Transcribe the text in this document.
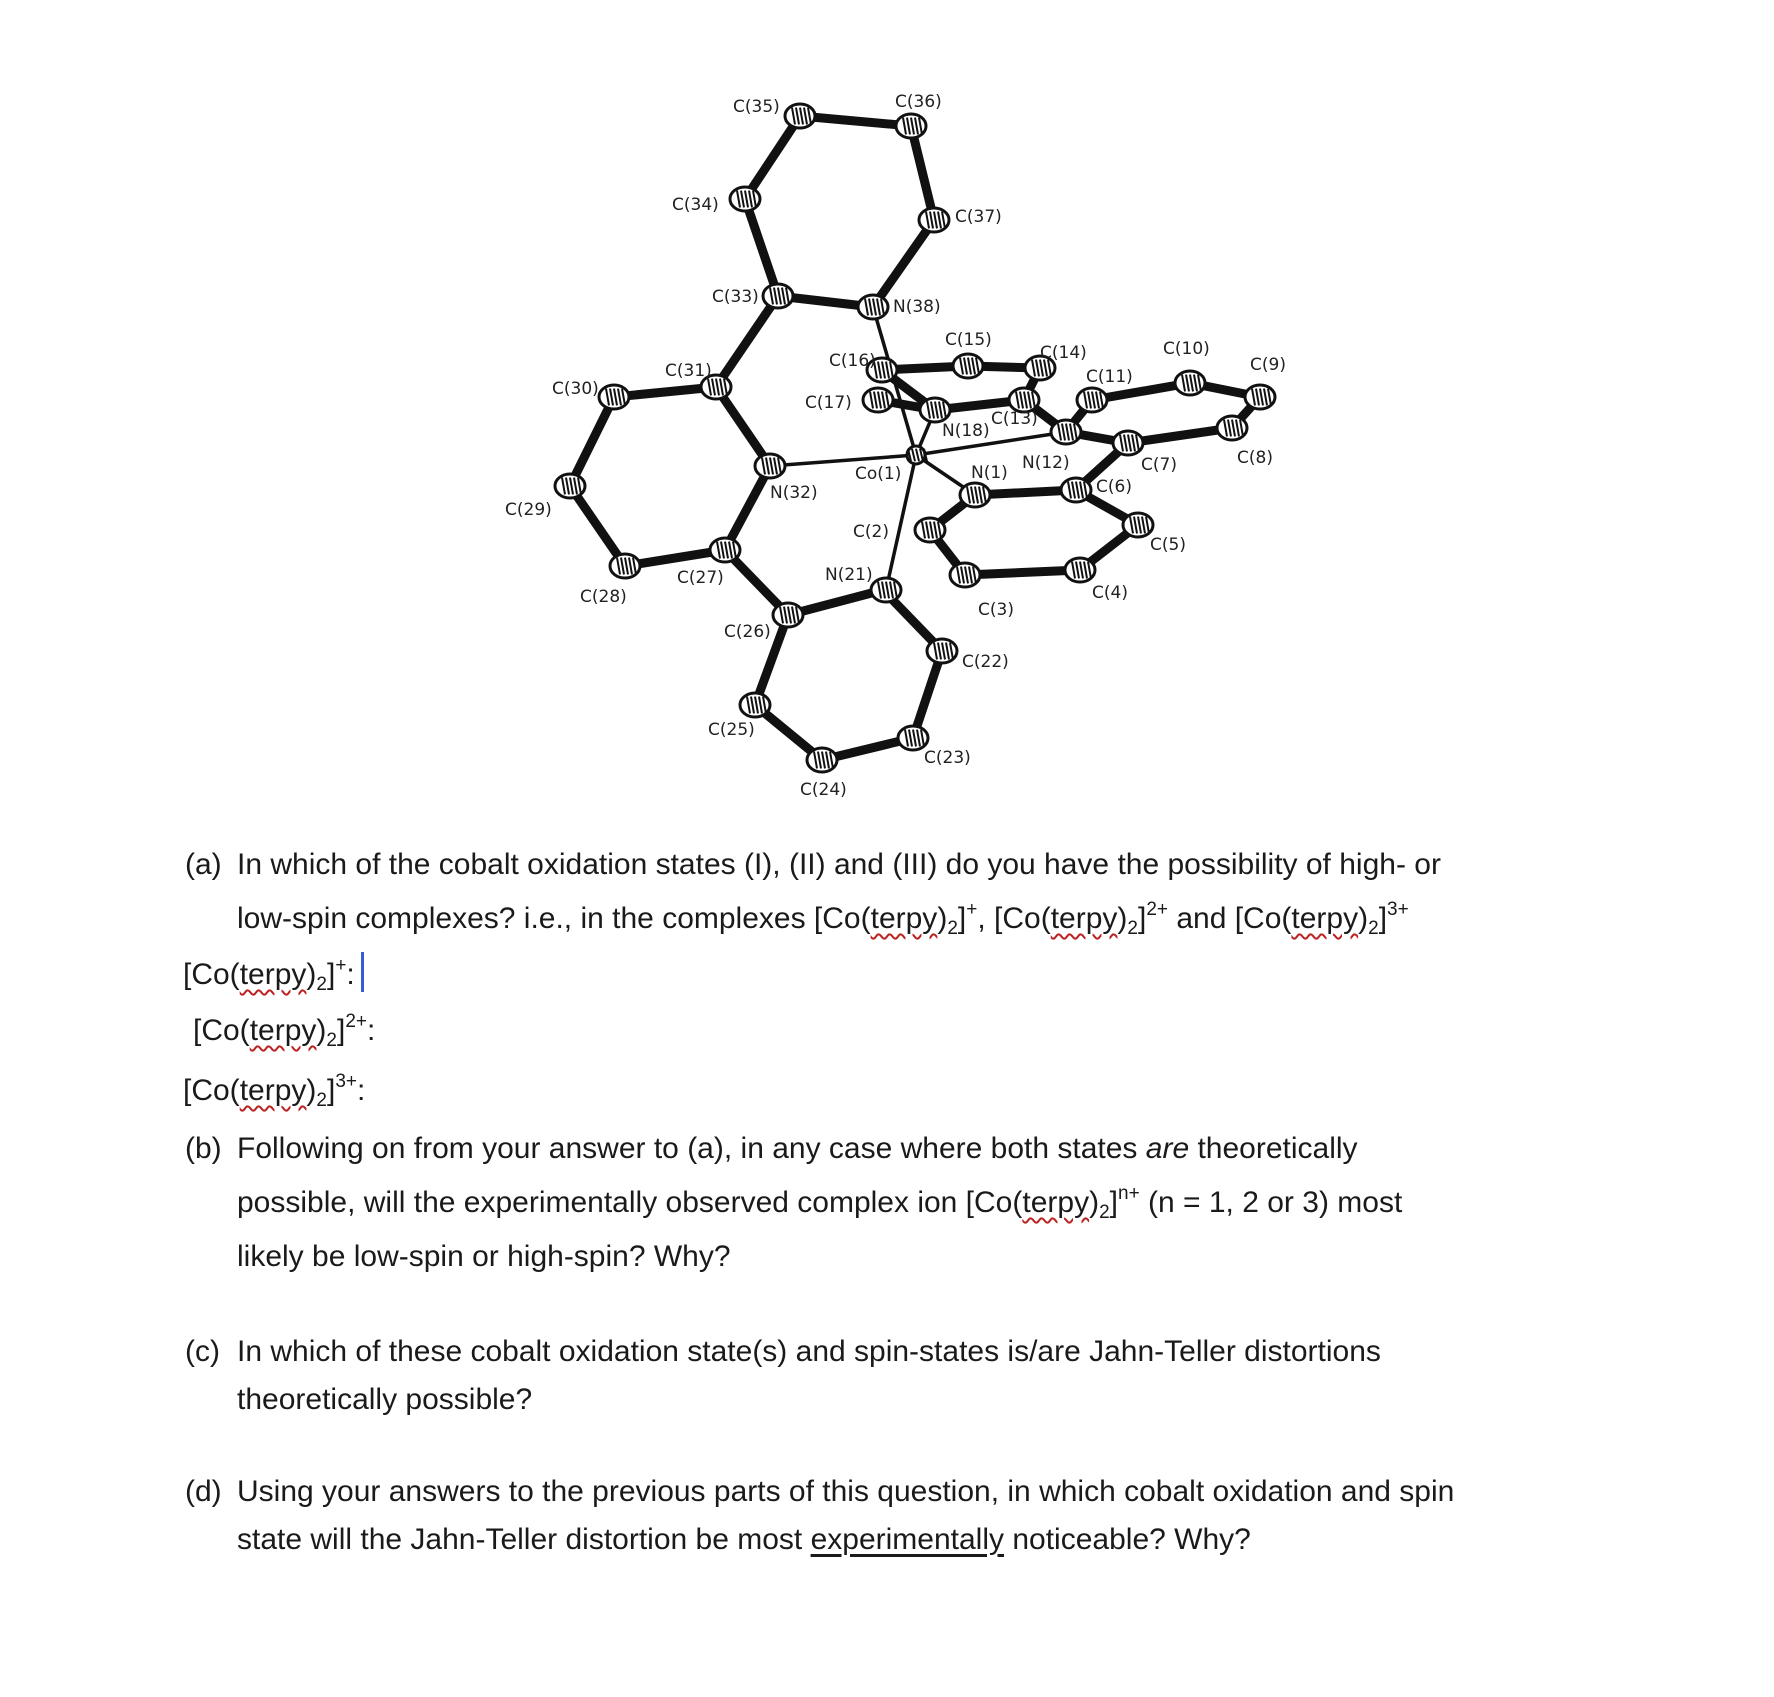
C(35)	C(36)
C(34)
C(37)
C(33)	N(38)
C(15)
C(14)	C(10)
C(9)
C(31)	C(16)
C(11)
C(30)
C(17)
C(13)
N(18)
N(12)	C(8)
C(7)
Co(1)	N(1)
C(6)
N(32)
C(29)
C(2)
C(5)
C(27)	N(21)
C(4)
C(28)
C(3)
C(26)
C(22)
C(25)
C(23)
C(24)
(a) In which of the cobalt oxidation states (I), (II) and (III) do you have the possibility of high- or
low-spin complexes? i.e., in the complexes $[Co(terpy)_2]^+$, $[Co(terpy)_2]^{2+}$ and $[Co(terpy)_2]^{3+}$
$[Co(terpy)_2]^+$:
$[Co(terpy)_2]^{2+}$:
$[Co(terpy)_2]^{3+}$:
(b) Following on from your answer to (a), in any case where both states are theoretically
possible, will the experimentally observed complex ion $[Co(terpy)_2]^{n+}$ (n = 1, 2 or 3) most
likely be low-spin or high-spin? Why?
(c) In which of these cobalt oxidation state(s) and spin-states is/are Jahn-Teller distortions
theoretically possible?
(d) Using your answers to the previous parts of this question, in which cobalt oxidation and spin
state will the Jahn-Teller distortion be most experimentally noticeable? Why?
